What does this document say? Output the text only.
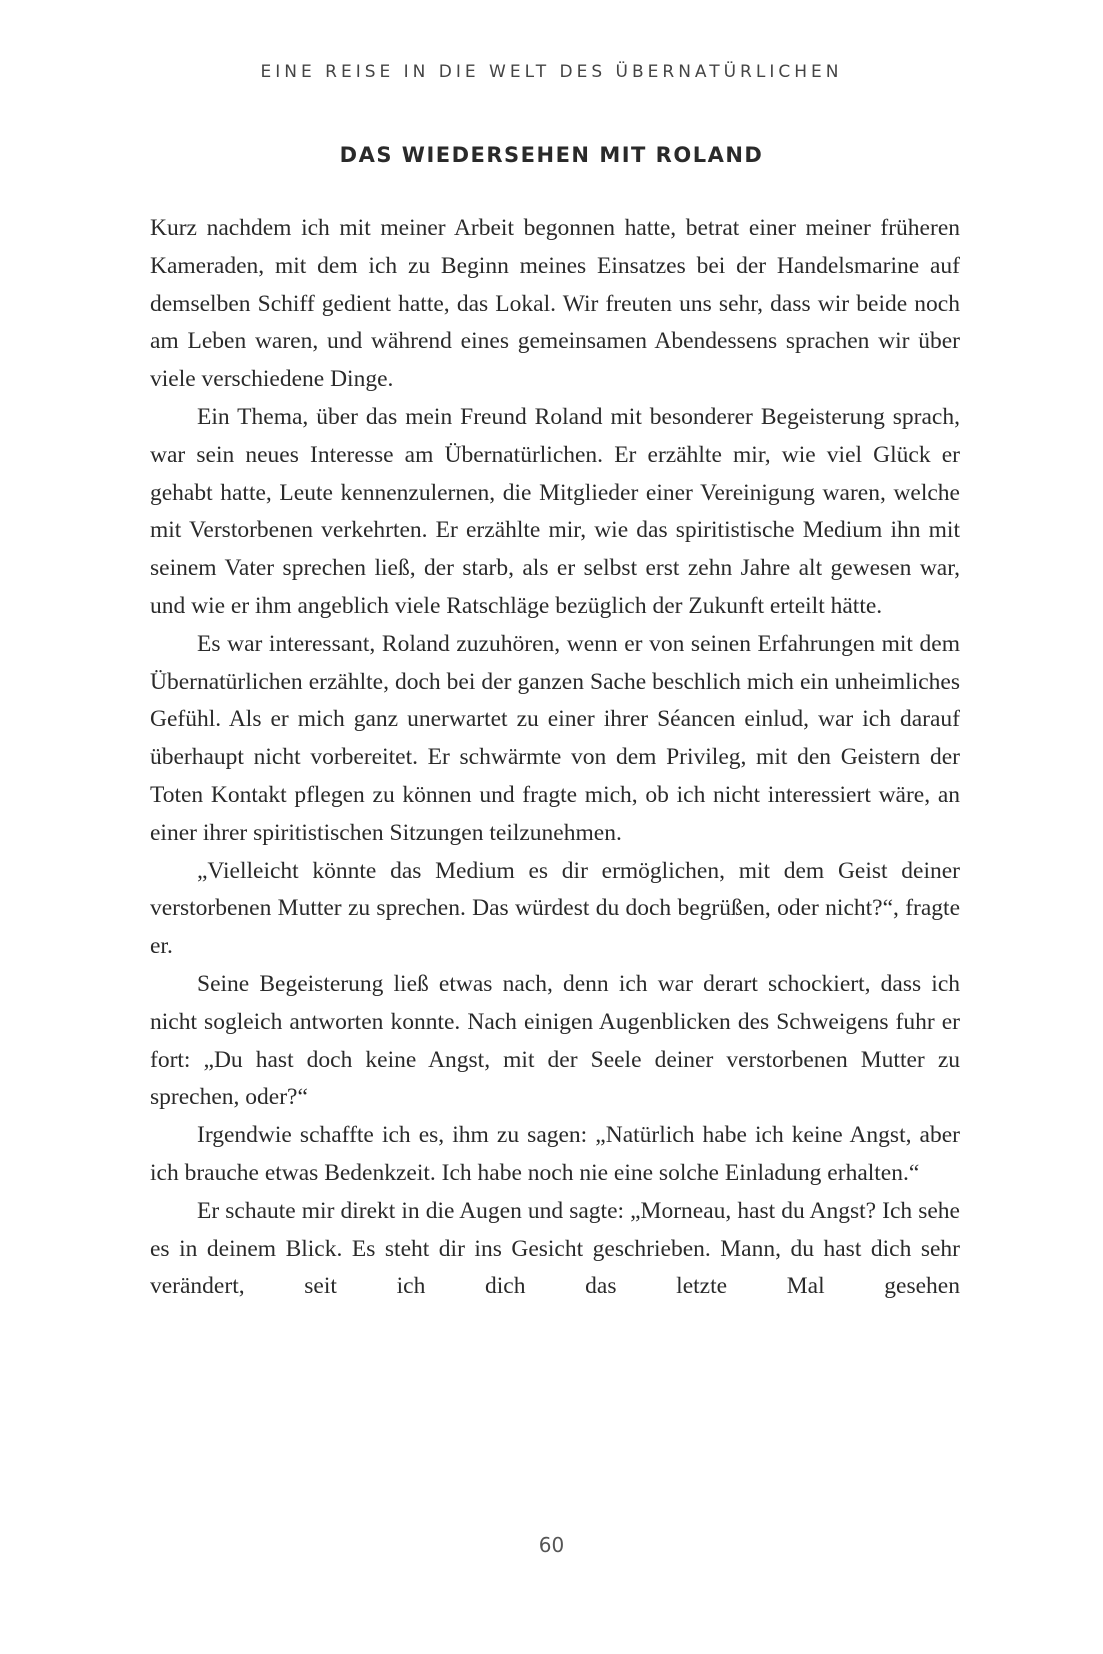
EINE REISE IN DIE WELT DES ÜBERNATÜRLICHEN
DAS WIEDERSEHEN MIT ROLAND

Kurz nachdem ich mit meiner Arbeit begonnen hatte, betrat einer meiner früheren Kameraden, mit dem ich zu Beginn meines Einsatzes bei der Handelsmarine auf demselben Schiff gedient hatte, das Lokal. Wir freuten uns sehr, dass wir beide noch am Leben waren, und während eines gemeinsamen Abendessens sprachen wir über viele verschiedene Dinge.

Ein Thema, über das mein Freund Roland mit besonderer Begeisterung sprach, war sein neues Interesse am Übernatürlichen. Er erzählte mir, wie viel Glück er gehabt hatte, Leute kennenzulernen, die Mitglieder einer Vereinigung waren, welche mit Verstorbenen verkehrten. Er erzählte mir, wie das spiritistische Medium ihn mit seinem Vater sprechen ließ, der starb, als er selbst erst zehn Jahre alt gewesen war, und wie er ihm angeblich viele Ratschläge bezüglich der Zukunft erteilt hätte.

Es war interessant, Roland zuzuhören, wenn er von seinen Erfahrungen mit dem Übernatürlichen erzählte, doch bei der ganzen Sache beschlich mich ein unheimliches Gefühl. Als er mich ganz unerwartet zu einer ihrer Séancen einlud, war ich darauf überhaupt nicht vorbereitet. Er schwärmte von dem Privileg, mit den Geistern der Toten Kontakt pflegen zu können und fragte mich, ob ich nicht interessiert wäre, an einer ihrer spiritistischen Sitzungen teilzunehmen.

„Vielleicht könnte das Medium es dir ermöglichen, mit dem Geist deiner verstorbenen Mutter zu sprechen. Das würdest du doch begrüßen, oder nicht?“, fragte er.

Seine Begeisterung ließ etwas nach, denn ich war derart schockiert, dass ich nicht sogleich antworten konnte. Nach einigen Augenblicken des Schweigens fuhr er fort: „Du hast doch keine Angst, mit der Seele deiner verstorbenen Mutter zu sprechen, oder?“

Irgendwie schaffte ich es, ihm zu sagen: „Natürlich habe ich keine Angst, aber ich brauche etwas Bedenkzeit. Ich habe noch nie eine solche Einladung erhalten.“

Er schaute mir direkt in die Augen und sagte: „Morneau, hast du Angst? Ich sehe es in deinem Blick. Es steht dir ins Gesicht geschrieben. Mann, du hast dich sehr verändert, seit ich dich das letzte Mal gesehen

60
